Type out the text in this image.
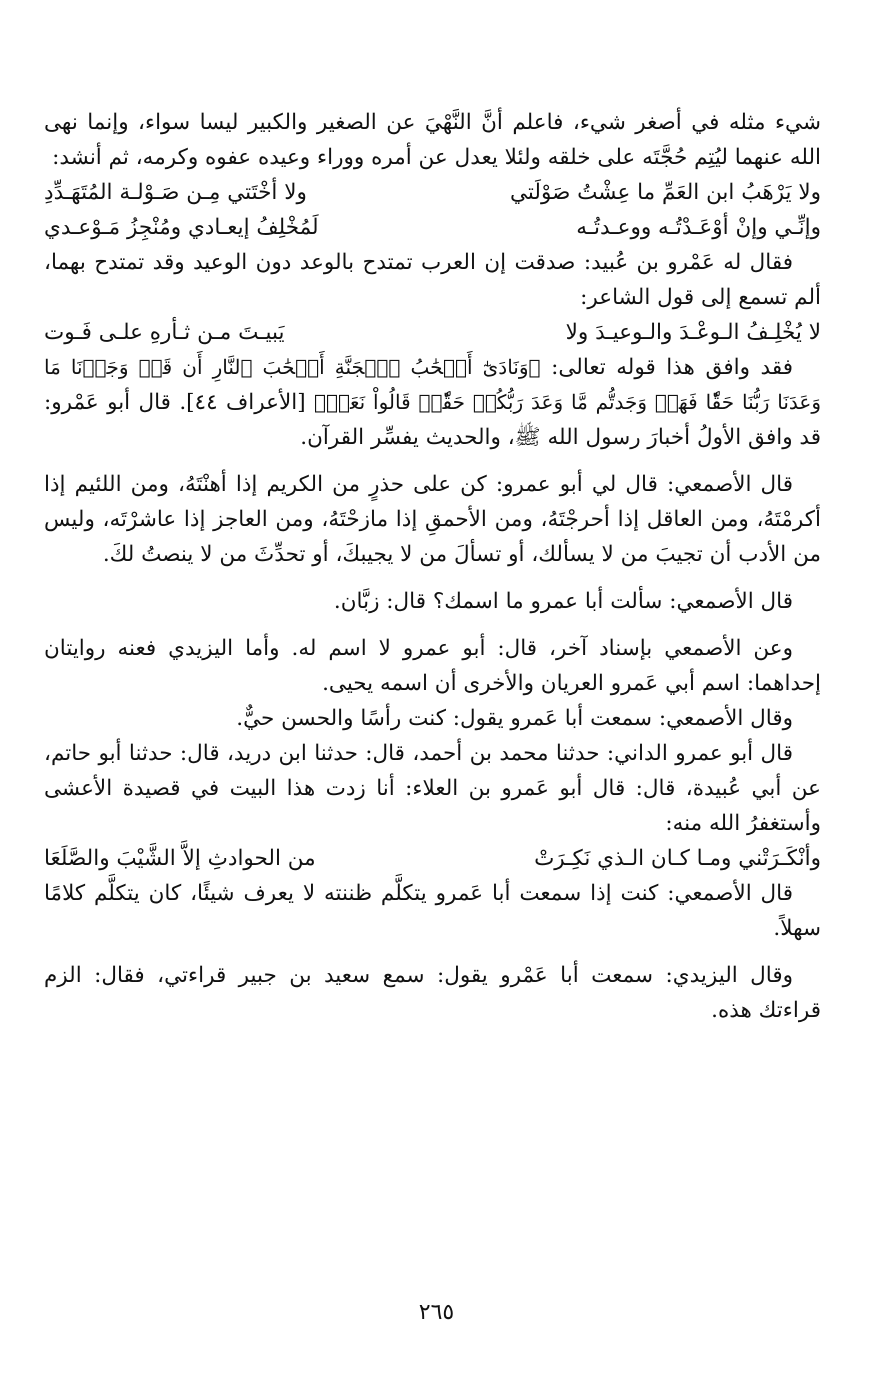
شيء مثله في أصغر شيء، فاعلم أنَّ النَّهْيَ عن الصغير والكبير ليسا سواء، وإنما نهى الله عنهما ليُتِم حُجَّتَه على خلقه ولئلا يعدل عن أمره ووراء وعيده عفوه وكرمه، ثم أنشد:

ولا يَرْهَبُ ابن العَمِّ ما عِشْتُ صَوْلَتي
ولا أخْتَتي مِـن صَـوْلـة المُتَهَـدِّدِ
وإنِّـي وإنْ أوْعَـدْتُـه ووعـدتُـه
لَمُخْلِفُ إيعـادي ومُنْجِزُ مَـوْعـدي

فقال له عَمْرو بن عُبيد: صدقت إن العرب تمتدح بالوعد دون الوعيد وقد تمتدح بهما، ألم تسمع إلى قول الشاعر:

لا يُخْلِـفُ الـوعْـدَ والـوعيـدَ ولا
يَبيـتَ مـن ثـأرهِ علـى فَـوت

فقد وافق هذا قوله تعالى: ﴿وَنَادَىٰٓ أَصۡحَٰبُ ٱلۡجَنَّةِ أَصۡحَٰبَ ٱلنَّارِ أَن قَدۡ وَجَدۡنَا مَا وَعَدَنَا رَبُّنَا حَقّٗا فَهَلۡ وَجَدتُّم مَّا وَعَدَ رَبُّكُمۡ حَقّٗاۖ قَالُواْ نَعَمۡ﴾ [الأعراف ٤٤]. قال أبو عَمْرو: قد وافق الأولُ أخبارَ رسول الله ﷺ، والحديث يفسِّر القرآن.

قال الأصمعي: قال لي أبو عمرو: كن على حذرٍ من الكريم إذا أهنْتَهُ، ومن اللئيم إذا أكرمْتَهُ، ومن العاقل إذا أحرجْتَهُ، ومن الأحمقِ إذا مازحْتَهُ، ومن العاجز إذا عاشرْتَه، وليس من الأدب أن تجيبَ من لا يسألك، أو تسألَ من لا يجيبكَ، أو تحدِّثَ من لا ينصتُ لكَ.

قال الأصمعي: سألت أبا عمرو ما اسمك؟ قال: زبَّان.

وعن الأصمعي بإسناد آخر، قال: أبو عمرو لا اسم له. وأما اليزيدي فعنه روايتان إحداهما: اسم أبي عَمرو العريان والأخرى أن اسمه يحيى.

وقال الأصمعي: سمعت أبا عَمرو يقول: كنت رأسًا والحسن حيٌّ.

قال أبو عمرو الداني: حدثنا محمد بن أحمد، قال: حدثنا ابن دريد، قال: حدثنا أبو حاتم، عن أبي عُبيدة، قال: قال أبو عَمرو بن العلاء: أنا زدت هذا البيت في قصيدة الأعشى وأستغفرُ الله منه:

وأنْكَـرَتْني ومـا كـان الـذي نَكِـرَتْ
من الحوادثِ إلاَّ الشَّيْبَ والصَّلَعَا

قال الأصمعي: كنت إذا سمعت أبا عَمرو يتكلَّم ظننته لا يعرف شيئًا، كان يتكلَّم كلامًا سهلاً.

وقال اليزيدي: سمعت أبا عَمْرو يقول: سمع سعيد بن جبير قراءتي، فقال: الزم قراءتك هذه.

٢٦٥
